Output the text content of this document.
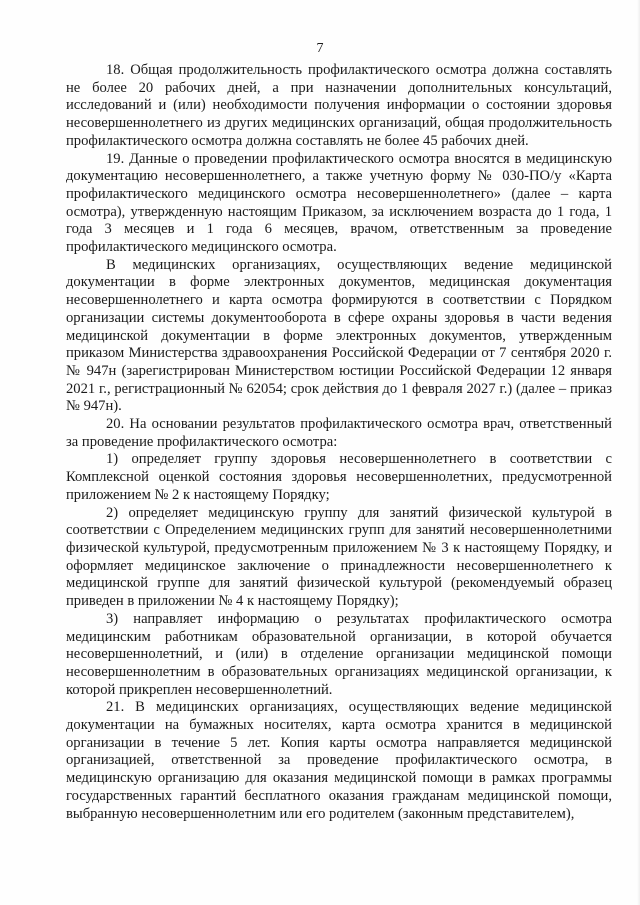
7

18. Общая продолжительность профилактического осмотра должна составлять не более 20 рабочих дней, а при назначении дополнительных консультаций, исследований и (или) необходимости получения информации о состоянии здоровья несовершеннолетнего из других медицинских организаций, общая продолжительность профилактического осмотра должна составлять не более 45 рабочих дней.

19. Данные о проведении профилактического осмотра вносятся в медицинскую документацию несовершеннолетнего, а также учетную форму № 030-ПО/у «Карта профилактического медицинского осмотра несовершеннолетнего» (далее – карта осмотра), утвержденную настоящим Приказом, за исключением возраста до 1 года, 1 года 3 месяцев и 1 года 6 месяцев, врачом, ответственным за проведение профилактического медицинского осмотра.

В медицинских организациях, осуществляющих ведение медицинской документации в форме электронных документов, медицинская документация несовершеннолетнего и карта осмотра формируются в соответствии с Порядком организации системы документооборота в сфере охраны здоровья в части ведения медицинской документации в форме электронных документов, утвержденным приказом Министерства здравоохранения Российской Федерации от 7 сентября 2020 г. № 947н (зарегистрирован Министерством юстиции Российской Федерации 12 января 2021 г., регистрационный № 62054; срок действия до 1 февраля 2027 г.) (далее – приказ № 947н).

20. На основании результатов профилактического осмотра врач, ответственный за проведение профилактического осмотра:

1) определяет группу здоровья несовершеннолетнего в соответствии с Комплексной оценкой состояния здоровья несовершеннолетних, предусмотренной приложением № 2 к настоящему Порядку;

2) определяет медицинскую группу для занятий физической культурой в соответствии с Определением медицинских групп для занятий несовершеннолетними физической культурой, предусмотренным приложением № 3 к настоящему Порядку, и оформляет медицинское заключение о принадлежности несовершеннолетнего к медицинской группе для занятий физической культурой (рекомендуемый образец приведен в приложении № 4 к настоящему Порядку);

3) направляет информацию о результатах профилактического осмотра медицинским работникам образовательной организации, в которой обучается несовершеннолетний, и (или) в отделение организации медицинской помощи несовершеннолетним в образовательных организациях медицинской организации, к которой прикреплен несовершеннолетний.

21. В медицинских организациях, осуществляющих ведение медицинской документации на бумажных носителях, карта осмотра хранится в медицинской организации в течение 5 лет. Копия карты осмотра направляется медицинской организацией, ответственной за проведение профилактического осмотра, в медицинскую организацию для оказания медицинской помощи в рамках программы государственных гарантий бесплатного оказания гражданам медицинской помощи, выбранную несовершеннолетним или его родителем (законным представителем),
